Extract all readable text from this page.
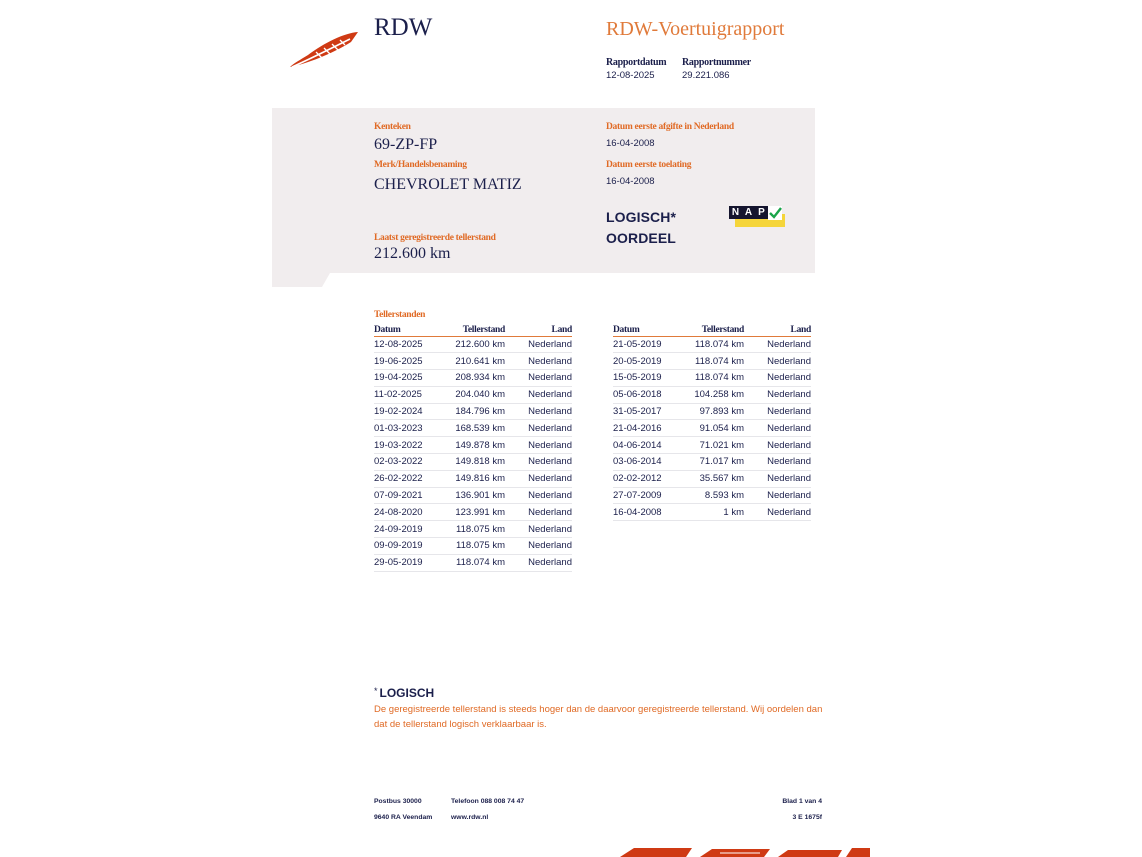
RDW	RDW-Voertuigrapport
Rapportdatum
12-08-2025
Rapportnummer
29.221.086
Kenteken
69-ZP-FP
Merk/Handelsbenaming
CHEVROLET MATIZ
Laatst geregistreerde tellerstand
212.600 km
Datum eerste afgifte in Nederland
16-04-2008
Datum eerste toelating
16-04-2008
LOGISCH*
OORDEEL
N A P
Tellerstanden
Datum	Tellerstand	Land
12-08-2025	212.600 km	Nederland
19-06-2025	210.641 km	Nederland
19-04-2025	208.934 km	Nederland
11-02-2025	204.040 km	Nederland
19-02-2024	184.796 km	Nederland
01-03-2023	168.539 km	Nederland
19-03-2022	149.878 km	Nederland
02-03-2022	149.818 km	Nederland
26-02-2022	149.816 km	Nederland
07-09-2021	136.901 km	Nederland
24-08-2020	123.991 km	Nederland
24-09-2019	118.075 km	Nederland
09-09-2019	118.075 km	Nederland
29-05-2019	118.074 km	Nederland
Datum	Tellerstand	Land
21-05-2019	118.074 km	Nederland
20-05-2019	118.074 km	Nederland
15-05-2019	118.074 km	Nederland
05-06-2018	104.258 km	Nederland
31-05-2017	97.893 km	Nederland
21-04-2016	91.054 km	Nederland
04-06-2014	71.021 km	Nederland
03-06-2014	71.017 km	Nederland
02-02-2012	35.567 km	Nederland
27-07-2009	8.593 km	Nederland
16-04-2008	1 km	Nederland
* LOGISCH
De geregistreerde tellerstand is steeds hoger dan de daarvoor geregistreerde tellerstand. Wij oordelen dan dat de tellerstand logisch verklaarbaar is.
Postbus 30000
9640 RA Veendam
Telefoon 088 008 74 47
www.rdw.nl
Blad 1 van 4
3 E 1675f
